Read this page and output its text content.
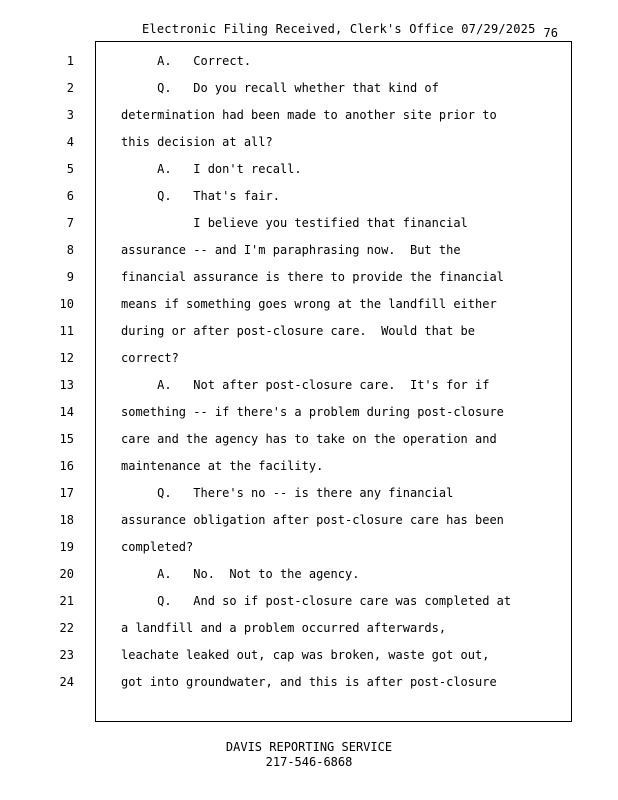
Electronic Filing Received, Clerk's Office 07/29/2025 76
1
2
3
4
5
6
7
8
9
10
11
12
13
14
15
16
17
18
19
20
21
22
23
24
A.   Correct.
Q.   Do you recall whether that kind of
determination had been made to another site prior to
this decision at all?
A.   I don't recall.
Q.   That's fair.
I believe you testified that financial
assurance -- and I'm paraphrasing now.  But the
financial assurance is there to provide the financial
means if something goes wrong at the landfill either
during or after post-closure care.  Would that be
correct?
A.   Not after post-closure care.  It's for if
something -- if there's a problem during post-closure
care and the agency has to take on the operation and
maintenance at the facility.
Q.   There's no -- is there any financial
assurance obligation after post-closure care has been
completed?
A.   No.  Not to the agency.
Q.   And so if post-closure care was completed at
a landfill and a problem occurred afterwards,
leachate leaked out, cap was broken, waste got out,
got into groundwater, and this is after post-closure
DAVIS REPORTING SERVICE
217-546-6868
